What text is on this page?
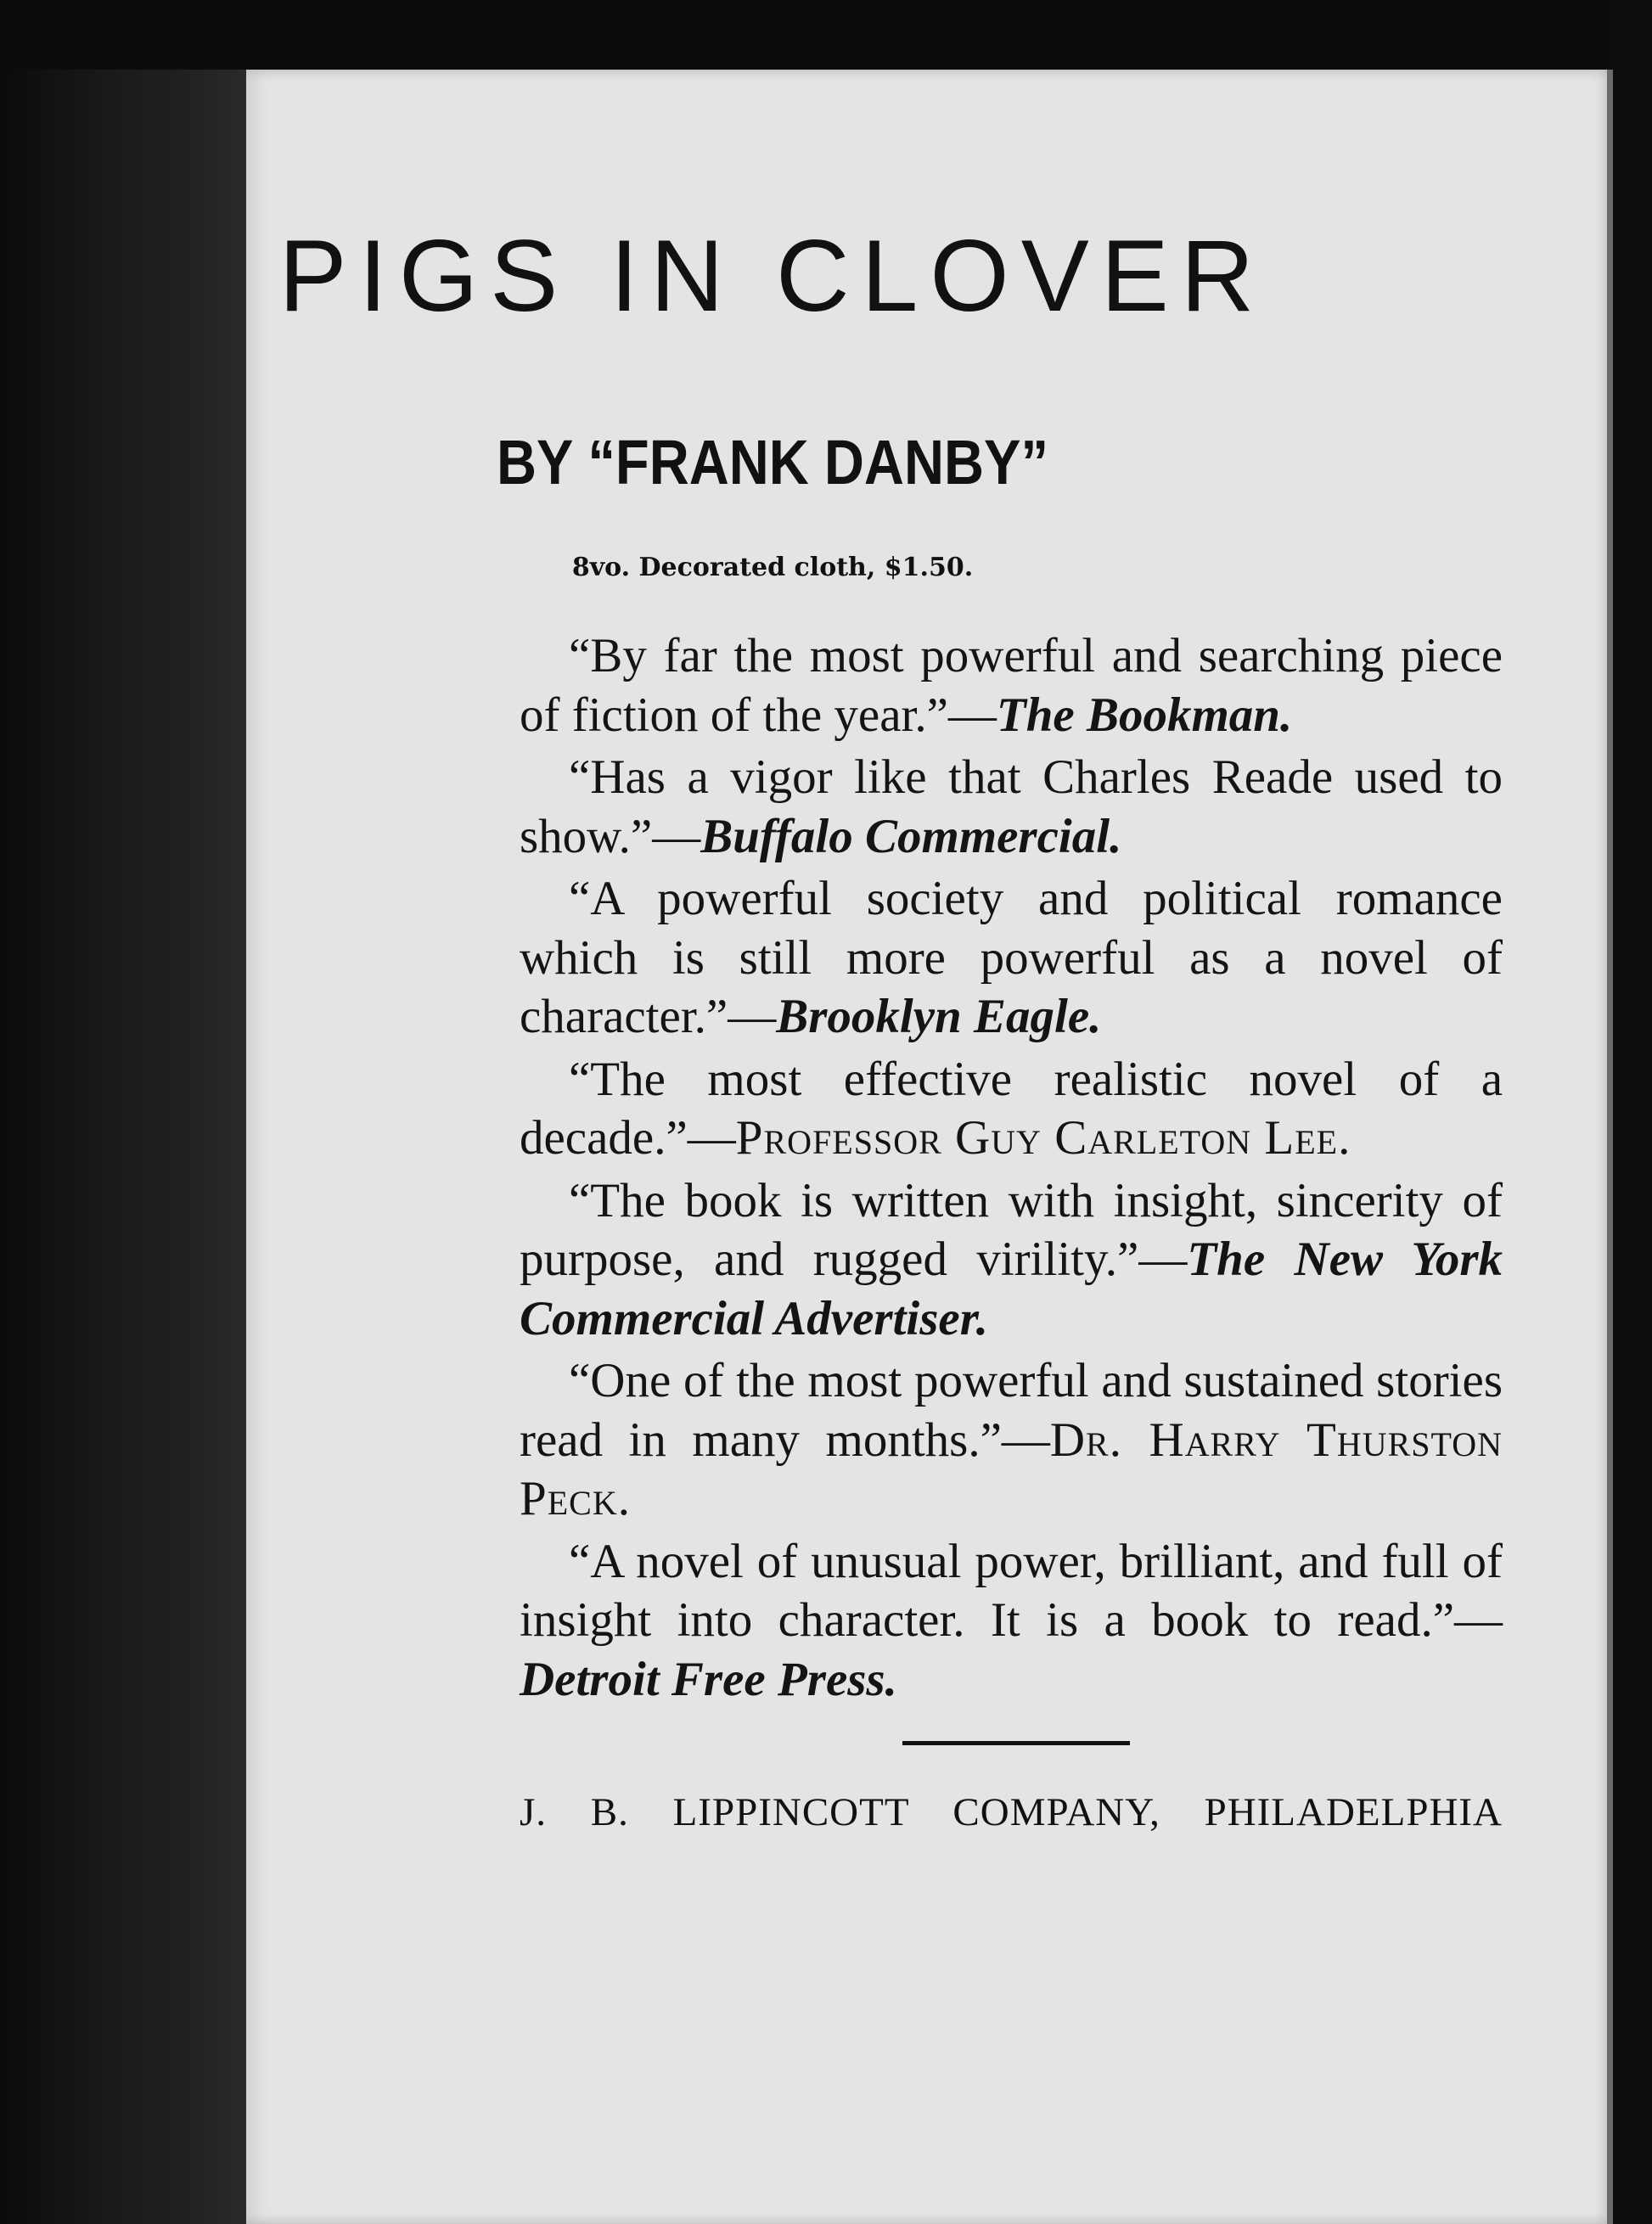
PIGS IN CLOVER
BY “FRANK DANBY”
8vo. Decorated cloth, $1.50.

“By far the most powerful and searching piece of fiction of the year.”—The Bookman.

“Has a vigor like that Charles Reade used to show.”—Buffalo Commercial.

“A powerful society and political romance which is still more powerful as a novel of character.”—Brooklyn Eagle.

“The most effective realistic novel of a decade.”—Professor Guy Carleton Lee.

“The book is written with insight, sincerity of purpose, and rugged virility.”—The New York Commercial Advertiser.

“One of the most powerful and sustained stories read in many months.”—Dr. Harry Thurston Peck.

“A novel of unusual power, brilliant, and full of insight into character. It is a book to read.”—Detroit Free Press.

J. B. LIPPINCOTT COMPANY, PHILADELPHIA
